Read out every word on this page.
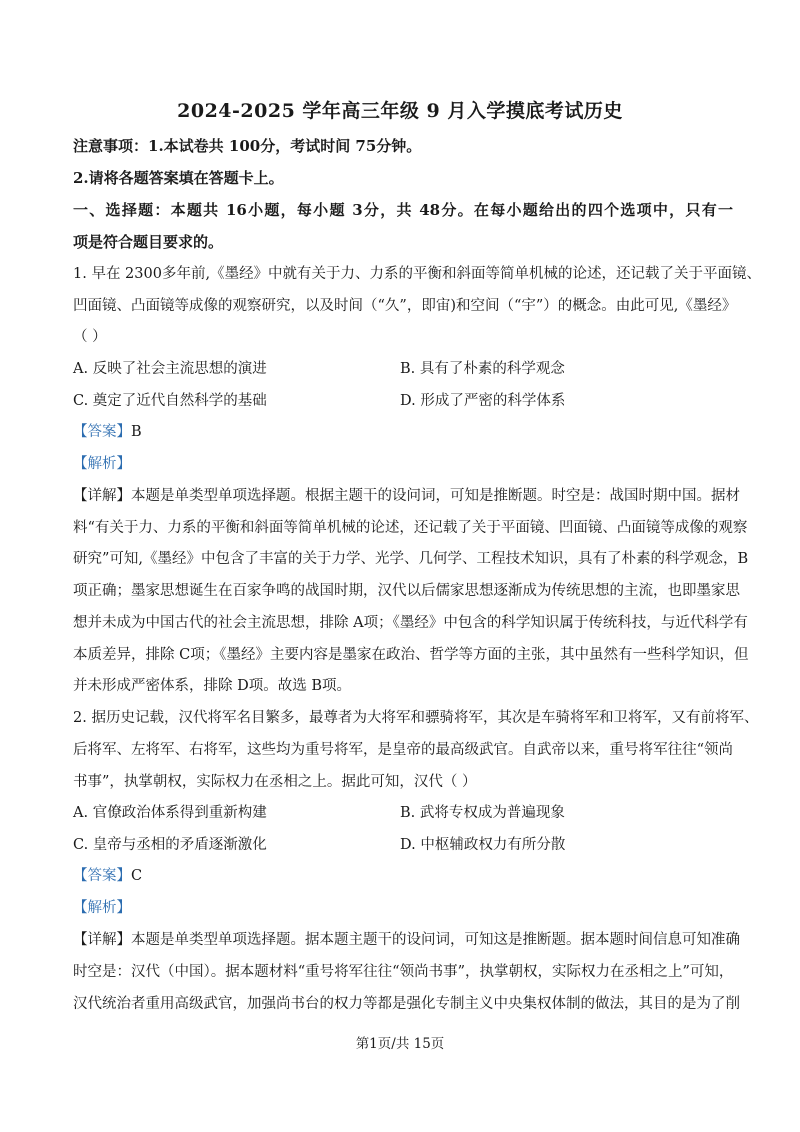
2024-2025 学年高三年级 9 月入学摸底考试历史
注意事项：1.本试卷共 100分，考试时间 75分钟。
2.请将各题答案填在答题卡上。
一、选择题：本题共 16小题，每小题 3分，共 48分。在每小题给出的四个选项中，只有一
项是符合题目要求的。
1. 早在 2300多年前,《墨经》中就有关于力、力系的平衡和斜面等简单机械的论述，还记载了关于平面镜、
凹面镜、凸面镜等成像的观察研究，以及时间（“久”，即宙)和空间（“宇”）的概念。由此可见,《墨经》
（ ）
A. 反映了社会主流思想的演进	B. 具有了朴素的科学观念
C. 奠定了近代自然科学的基础	D. 形成了严密的科学体系
【答案】B
【解析】
【详解】本题是单类型单项选择题。根据主题干的设问词，可知是推断题。时空是：战国时期中国。据材
料“有关于力、力系的平衡和斜面等简单机械的论述，还记载了关于平面镜、凹面镜、凸面镜等成像的观察
研究”可知,《墨经》中包含了丰富的关于力学、光学、几何学、工程技术知识，具有了朴素的科学观念，B
项正确；墨家思想诞生在百家争鸣的战国时期，汉代以后儒家思想逐渐成为传统思想的主流，也即墨家思
想并未成为中国古代的社会主流思想，排除 A项；《墨经》中包含的科学知识属于传统科技，与近代科学有
本质差异，排除 C项；《墨经》主要内容是墨家在政治、哲学等方面的主张，其中虽然有一些科学知识，但
并未形成严密体系，排除 D项。故选 B项。
2. 据历史记载，汉代将军名目繁多，最尊者为大将军和骠骑将军，其次是车骑将军和卫将军，又有前将军、
后将军、左将军、右将军，这些均为重号将军，是皇帝的最高级武官。自武帝以来，重号将军往往“领尚
书事”，执掌朝权，实际权力在丞相之上。据此可知，汉代（ ）
A. 官僚政治体系得到重新构建	B. 武将专权成为普遍现象
C. 皇帝与丞相的矛盾逐渐激化	D. 中枢辅政权力有所分散
【答案】C
【解析】
【详解】本题是单类型单项选择题。据本题主题干的设问词，可知这是推断题。据本题时间信息可知准确
时空是：汉代（中国）。据本题材料“重号将军往往“领尚书事”，执掌朝权，实际权力在丞相之上”可知，
汉代统治者重用高级武官，加强尚书台的权力等都是强化专制主义中央集权体制的做法，其目的是为了削
第1页/共 15页
